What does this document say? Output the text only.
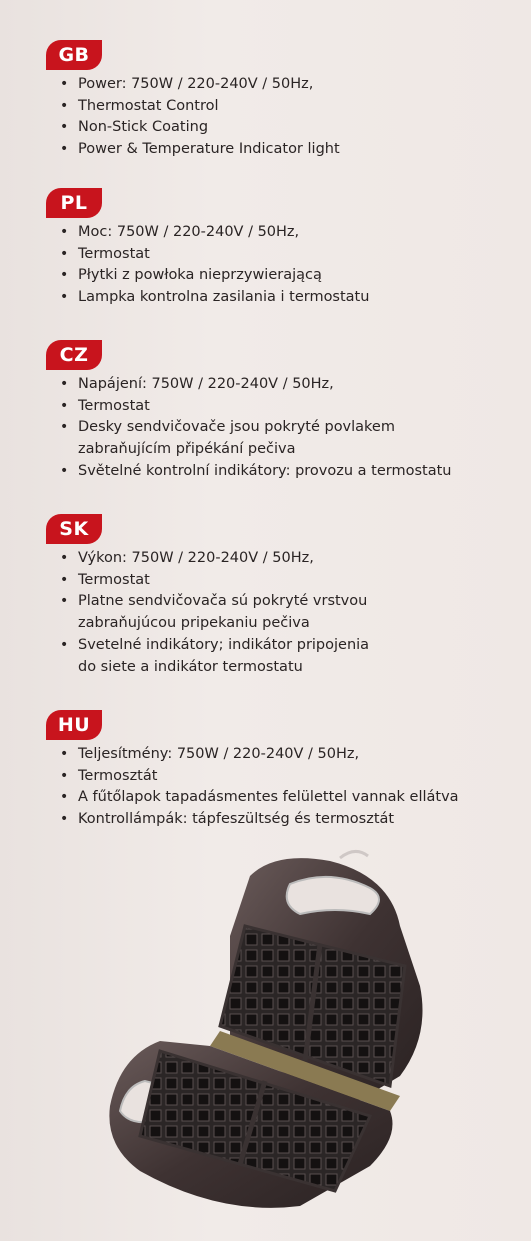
GB
• Power: 750W / 220-240V / 50Hz,
• Thermostat Control
• Non-Stick Coating
• Power & Temperature Indicator light
PL
• Moc: 750W / 220-240V / 50Hz,
• Termostat
• Płytki z powłoka nieprzywierającą
• Lampka kontrolna zasilania i termostatu
CZ
• Napájení: 750W / 220-240V / 50Hz,
• Termostat
• Desky sendvičovače jsou pokryté povlakem
zabraňujícím připékání pečiva
• Světelné kontrolní indikátory: provozu a termostatu
SK
• Výkon: 750W / 220-240V / 50Hz,
• Termostat
• Platne sendvičovača sú pokryté vrstvou
zabraňujúcou pripekaniu pečiva
• Svetelné indikátory; indikátor pripojenia
do siete a indikátor termostatu
HU
• Teljesítmény: 750W / 220-240V / 50Hz,
• Termosztát
• A fűtőlapok tapadásmentes felülettel vannak ellátva
• Kontrollámpák: tápfeszültség és termosztát
